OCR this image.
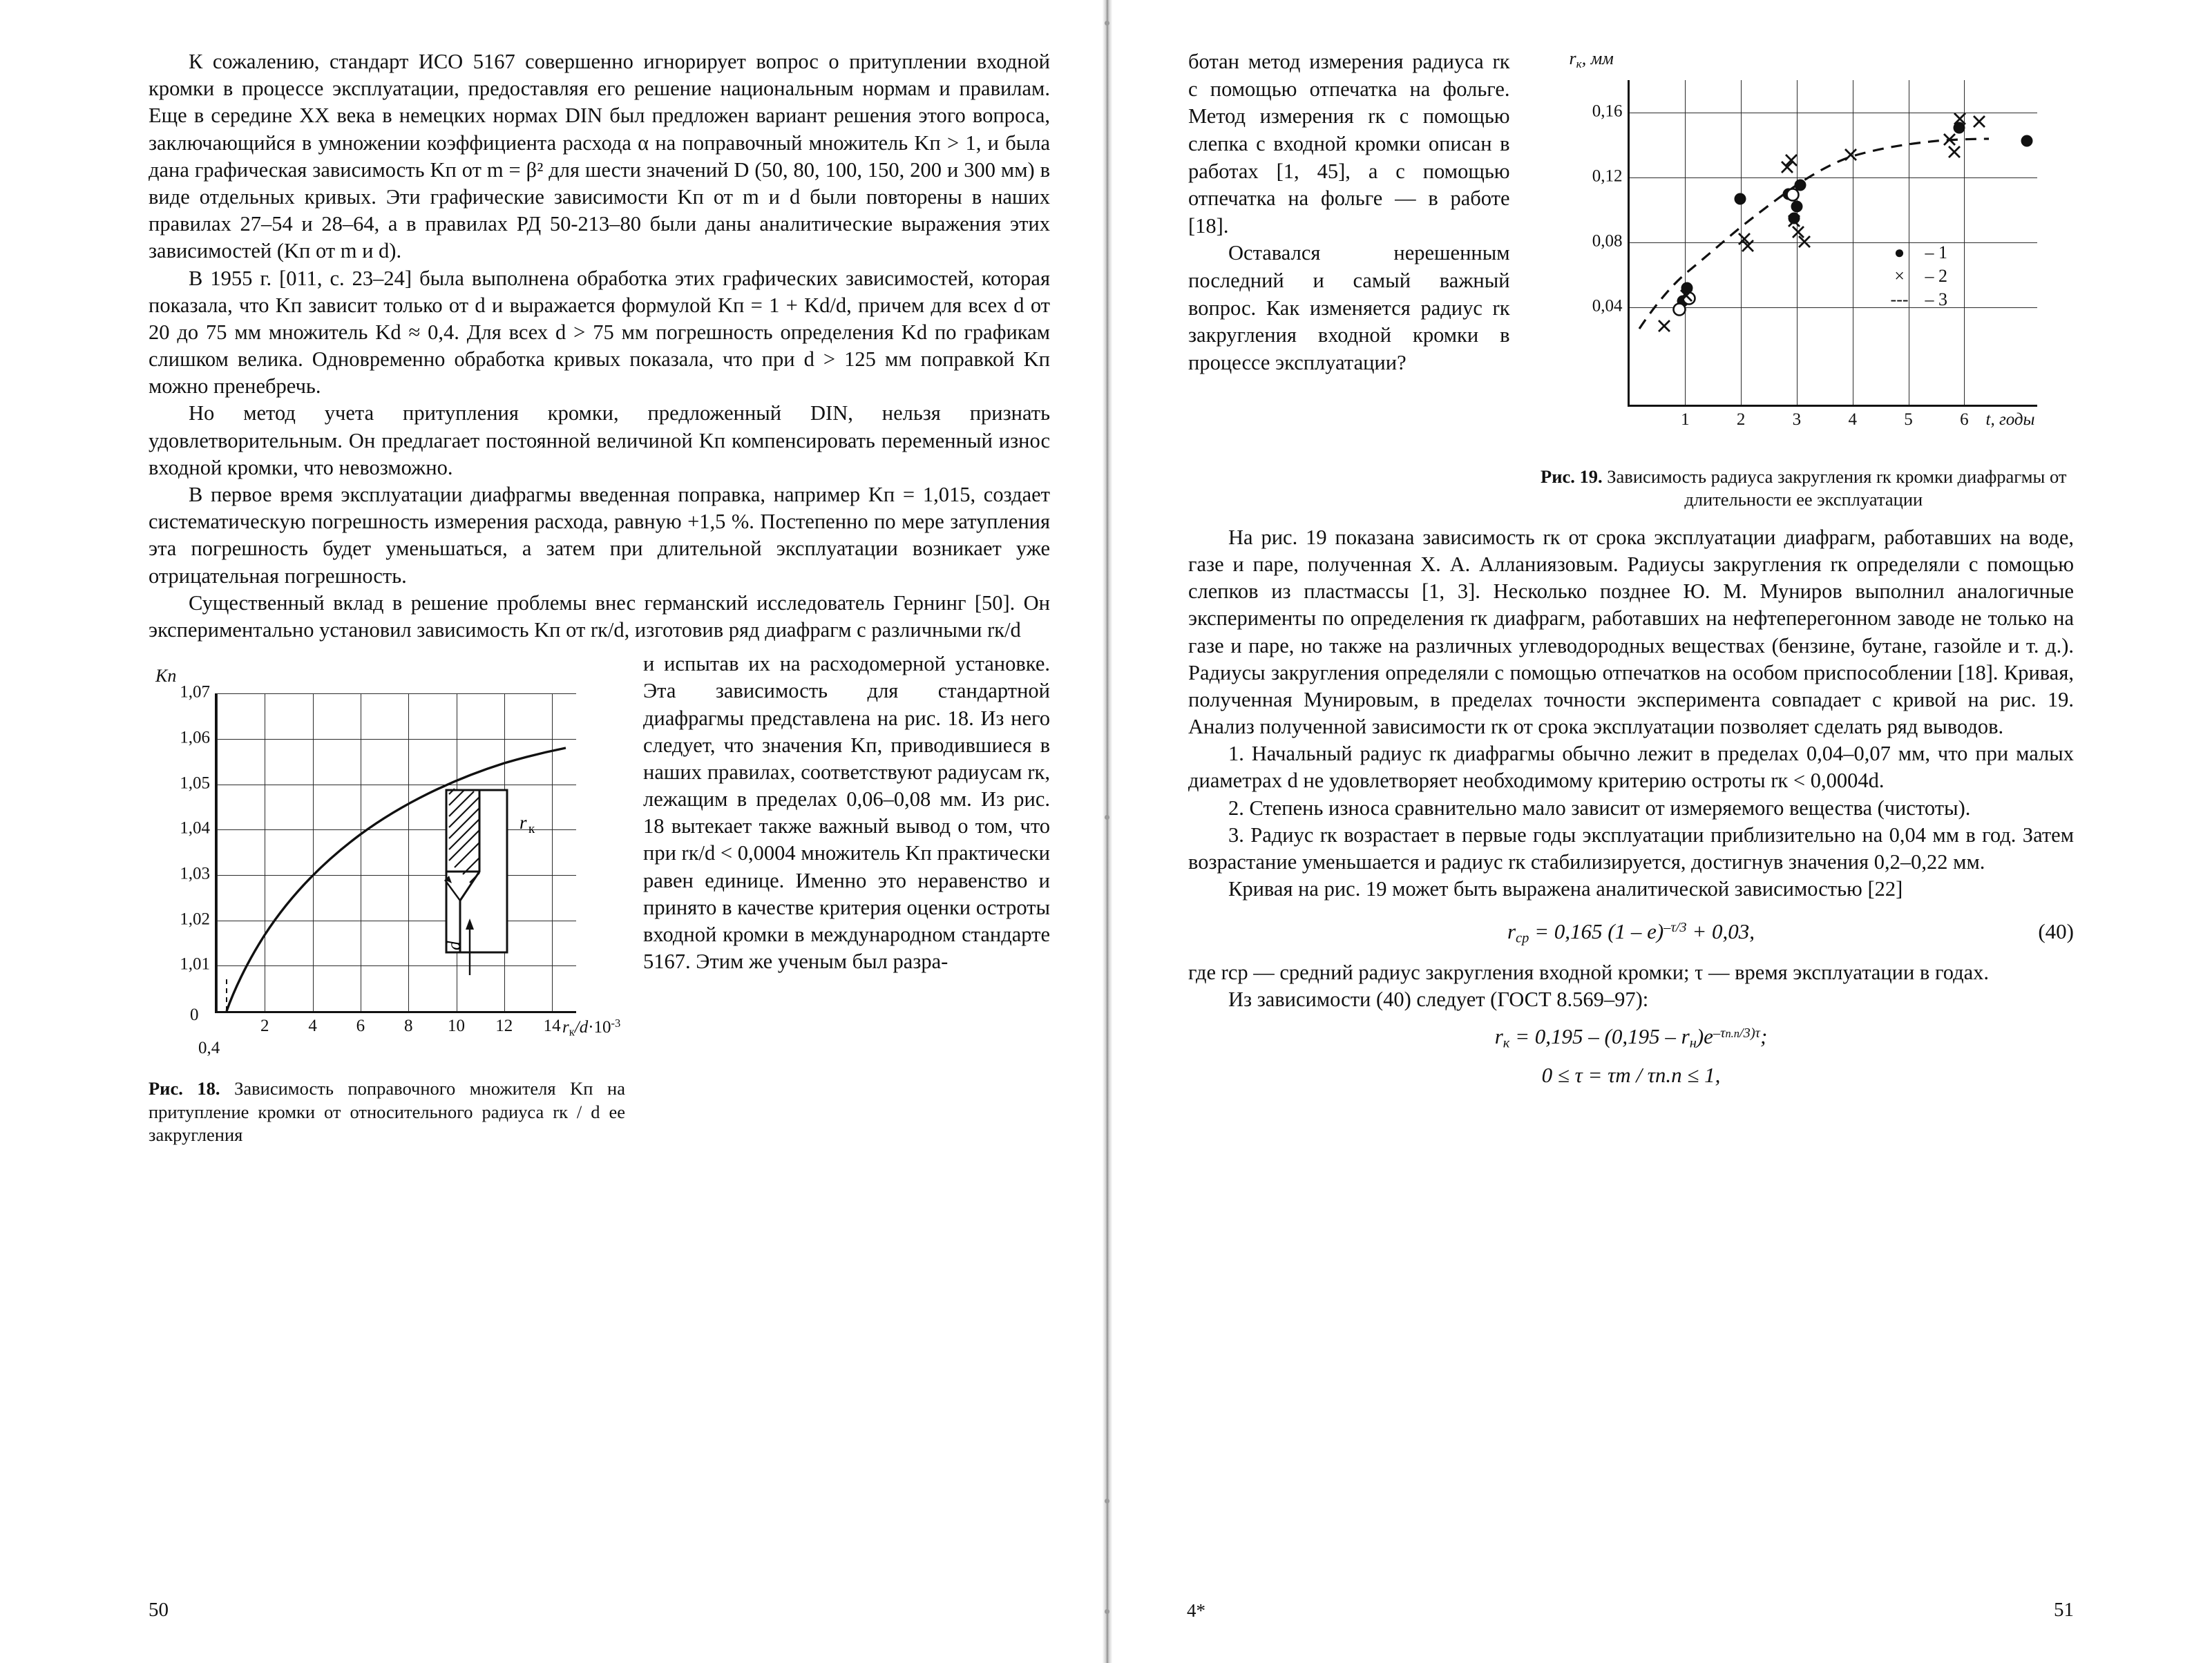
К сожалению, стандарт ИСО 5167 совершенно игнорирует вопрос о притуплении входной кромки в процессе эксплуатации, предоставляя его решение национальным нормам и правилам. Еще в середине XX века в немецких нормах DIN был предложен вариант решения этого вопроса, заключающийся в умножении коэффициента расхода α на поправочный множитель Kп > 1, и была дана графическая зависимость Kп от m = β² для шести значений D (50, 80, 100, 150, 200 и 300 мм) в виде отдельных кривых. Эти графические зависимости Kп от m и d были повторены в наших правилах 27–54 и 28–64, а в правилах РД 50-213–80 были даны аналитические выражения этих зависимостей (Kп от m и d).

В 1955 г. [011, с. 23–24] была выполнена обработка этих графических зависимостей, которая показала, что Kп зависит только от d и выражается формулой Kп = 1 + Kd/d, причем для всех d от 20 до 75 мм множитель Kd ≈ 0,4. Для всех d > 75 мм погрешность определения Kd по графикам слишком велика. Одновременно обработка кривых показала, что при d > 125 мм поправкой Kп можно пренебречь.

Но метод учета притупления кромки, предложенный DIN, нельзя признать удовлетворительным. Он предлагает постоянной величиной Kп компенсировать переменный износ входной кромки, что невозможно.

В первое время эксплуатации диафрагмы введенная поправка, например Kп = 1,015, создает систематическую погрешность измерения расхода, равную +1,5 %. Постепенно по мере затупления эта погрешность будет уменьшаться, а затем при длительной эксплуатации возникает уже отрицательная погрешность.

Существенный вклад в решение проблемы внес германский исследователь Гернинг [50]. Он экспериментально установил зависимость Kп от rк/d, изготовив ряд диафрагм с различными rк/d

Kп
1,07
1,06
1,05
1,04
1,03
1,02
1,01
2 4 6 8 10 12 14 $r_к/d\cdot 10^{-3}$
r к
d
0
0,4
Рис. 18. Зависимость поправочного множителя Kп на притупление кромки от относительного радиуса rк / d ее закругления

и испытав их на расходомерной установке. Эта зависимость для стандартной диафрагмы представлена на рис. 18. Из него следует, что значения Kп, приводившиеся в наших правилах, соответствуют радиусам rк, лежащим в пределах 0,06–0,08 мм. Из рис. 18 вытекает также важный вывод о том, что при rк/d < 0,0004 множитель Kп практически равен единице. Именно это неравенство и принято в качестве критерия оценки остроты входной кромки в международном стандарте 5167. Этим же ученым был разра-

50

ботан метод измерения радиуса rк с помощью отпечатка на фольге. Метод измерения rк с помощью слепка с входной кромки описан в работах [1, 45], а с помощью отпечатка на фольге — в работе [18].

Оставался нерешенным последний и самый важный вопрос. Как изменяется радиус rк закругления входной кромки в процессе эксплуатации?

$r_к$, мм
0,16
0,12
0,08
0,04
1	2	3	4	5	6 t, годы
●	– 1
×	– 2
--- – 3
Рис. 19. Зависимость радиуса закругления rк кромки диафрагмы от длительности ее эксплуатации

На рис. 19 показана зависимость rк от срока эксплуатации диафрагм, работавших на воде, газе и паре, полученная Х. А. Алланиязовым. Радиусы закругления rк определяли с помощью слепков из пластмассы [1, 3]. Несколько позднее Ю. М. Муниров выполнил аналогичные эксперименты по определения rк диафрагм, работавших на нефтеперегонном заводе не только на газе и паре, но также на различных углеводородных веществах (бензине, бутане, газойле и т. д.). Радиусы закругления определяли с помощью отпечатков на особом приспособлении [18]. Кривая, полученная Мунировым, в пределах точности эксперимента совпадает с кривой на рис. 19. Анализ полученной зависимости rк от срока эксплуатации позволяет сделать ряд выводов.

1. Начальный радиус rк диафрагмы обычно лежит в пределах 0,04–0,07 мм, что при малых диаметрах d не удовлетворяет необходимому критерию остроты rк < 0,0004d.

2. Степень износа сравнительно мало зависит от измеряемого вещества (чистоты).

3. Радиус rк возрастает в первые годы эксплуатации приблизительно на 0,04 мм в год. Затем возрастание уменьшается и радиус rк стабилизируется, достигнув значения 0,2–0,22 мм.

Кривая на рис. 19 может быть выражена аналитической зависимостью [22]

$r_{ср} = 0,165$ (1 – e)$^{-\tau/3}$ + 0,03,	(40)

где rср — средний радиус закругления входной кромки; τ — время эксплуатации в годах.

Из зависимости (40) следует (ГОСТ 8.569–97):

$r_к = 0,195 - (0,195 - r_н)e^{-\tau п.п/3)\tau}$;
0 ≤ τ = τт / τп.п ≤ 1,
51
4*
